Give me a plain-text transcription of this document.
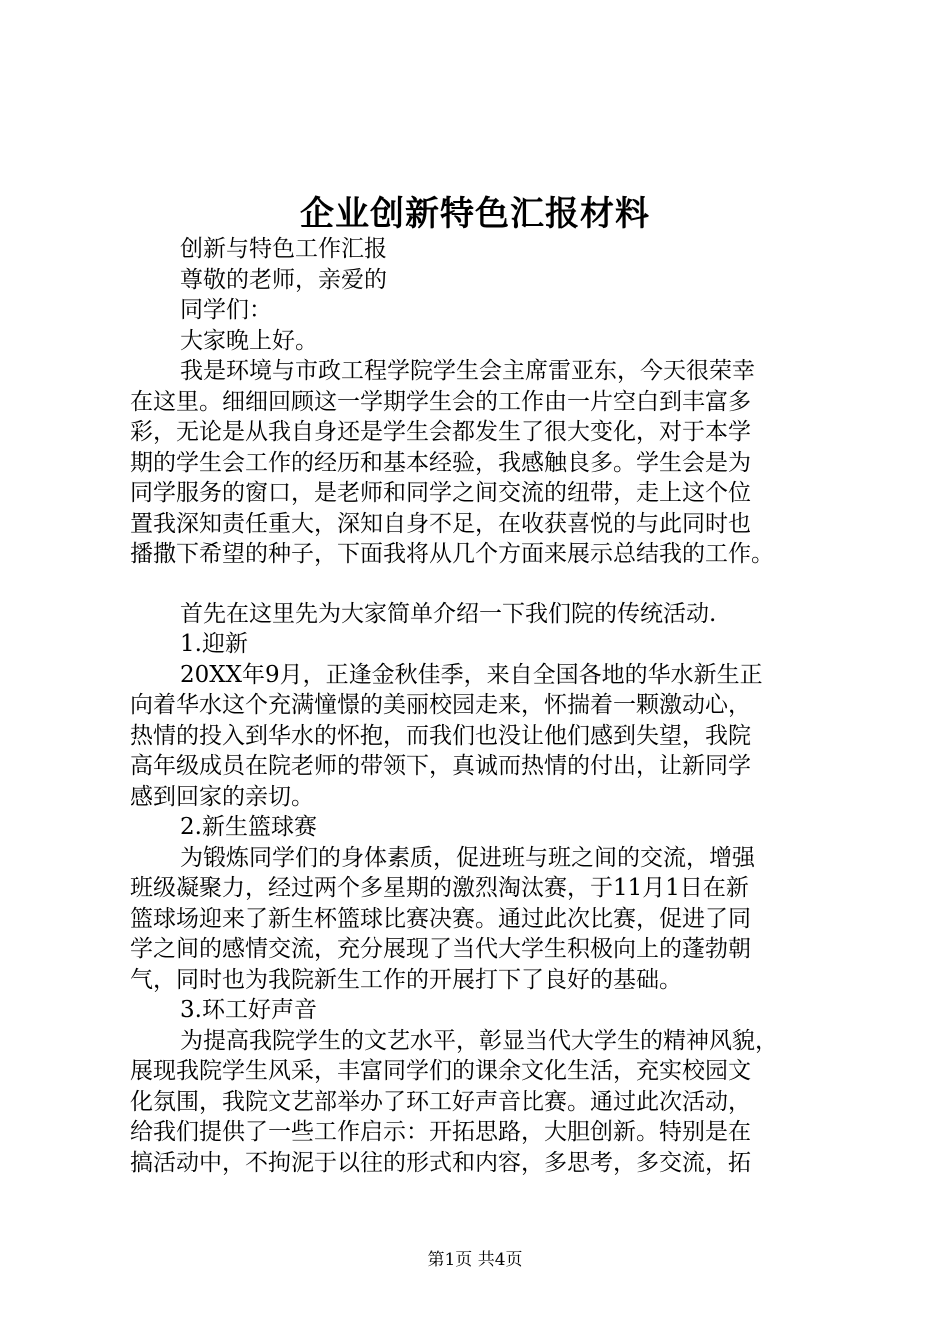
企业创新特色汇报材料
创新与特色工作汇报
尊敬的老师，亲爱的
同学们：
大家晚上好。
我是环境与市政工程学院学生会主席雷亚东，今天很荣幸
在这里。细细回顾这一学期学生会的工作由一片空白到丰富多
彩，无论是从我自身还是学生会都发生了很大变化，对于本学
期的学生会工作的经历和基本经验，我感触良多。学生会是为
同学服务的窗口，是老师和同学之间交流的纽带，走上这个位
置我深知责任重大，深知自身不足，在收获喜悦的与此同时也
播撒下希望的种子，下面我将从几个方面来展示总结我的工作。
首先在这里先为大家简单介绍一下我们院的传统活动.
1.迎新
20XX年9月，正逢金秋佳季，来自全国各地的华水新生正
向着华水这个充满憧憬的美丽校园走来，怀揣着一颗激动心，
热情的投入到华水的怀抱，而我们也没让他们感到失望，我院
高年级成员在院老师的带领下，真诚而热情的付出，让新同学
感到回家的亲切。
2.新生篮球赛
为锻炼同学们的身体素质，促进班与班之间的交流，增强
班级凝聚力，经过两个多星期的激烈淘汰赛，于11月1日在新
篮球场迎来了新生杯篮球比赛决赛。通过此次比赛，促进了同
学之间的感情交流，充分展现了当代大学生积极向上的蓬勃朝
气，同时也为我院新生工作的开展打下了良好的基础。
3.环工好声音
为提高我院学生的文艺水平，彰显当代大学生的精神风貌，
展现我院学生风采，丰富同学们的课余文化生活，充实校园文
化氛围，我院文艺部举办了环工好声音比赛。通过此次活动，
给我们提供了一些工作启示：开拓思路，大胆创新。特别是在
搞活动中，不拘泥于以往的形式和内容，多思考，多交流，拓
第1页 共4页
